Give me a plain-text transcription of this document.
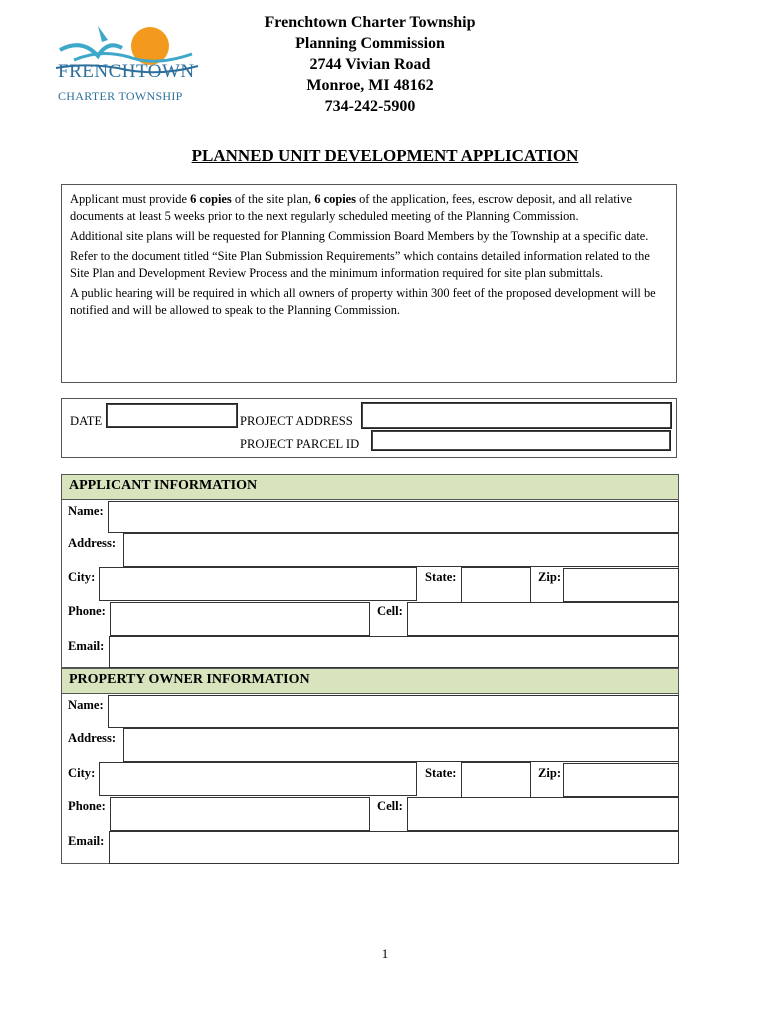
FRENCHTOWN
CHARTER TOWNSHIP
Frenchtown Charter Township
Planning Commission
2744 Vivian Road
Monroe, MI 48162
734-242-5900
PLANNED UNIT DEVELOPMENT APPLICATION

Applicant must provide 6 copies of the site plan, 6 copies of the application, fees, escrow deposit, and all relative documents at least 5 weeks prior to the next regularly scheduled meeting of the Planning Commission.

Additional site plans will be requested for Planning Commission Board Members by the Township at a specific date.

Refer to the document titled “Site Plan Submission Requirements” which contains detailed information related to the Site Plan and Development Review Process and the minimum information required for site plan submittals.

A public hearing will be required in which all owners of property within 300 feet of the proposed development will be notified and will be allowed to speak to the Planning Commission.

DATE	PROJECT ADDRESS
PROJECT PARCEL ID
APPLICANT INFORMATION
Name:
Address:
City:	State:	Zip:
Phone:	Cell:
Email:
PROPERTY OWNER INFORMATION
Name:
Address:
City:	State:	Zip:
Phone:	Cell:
Email:
1
